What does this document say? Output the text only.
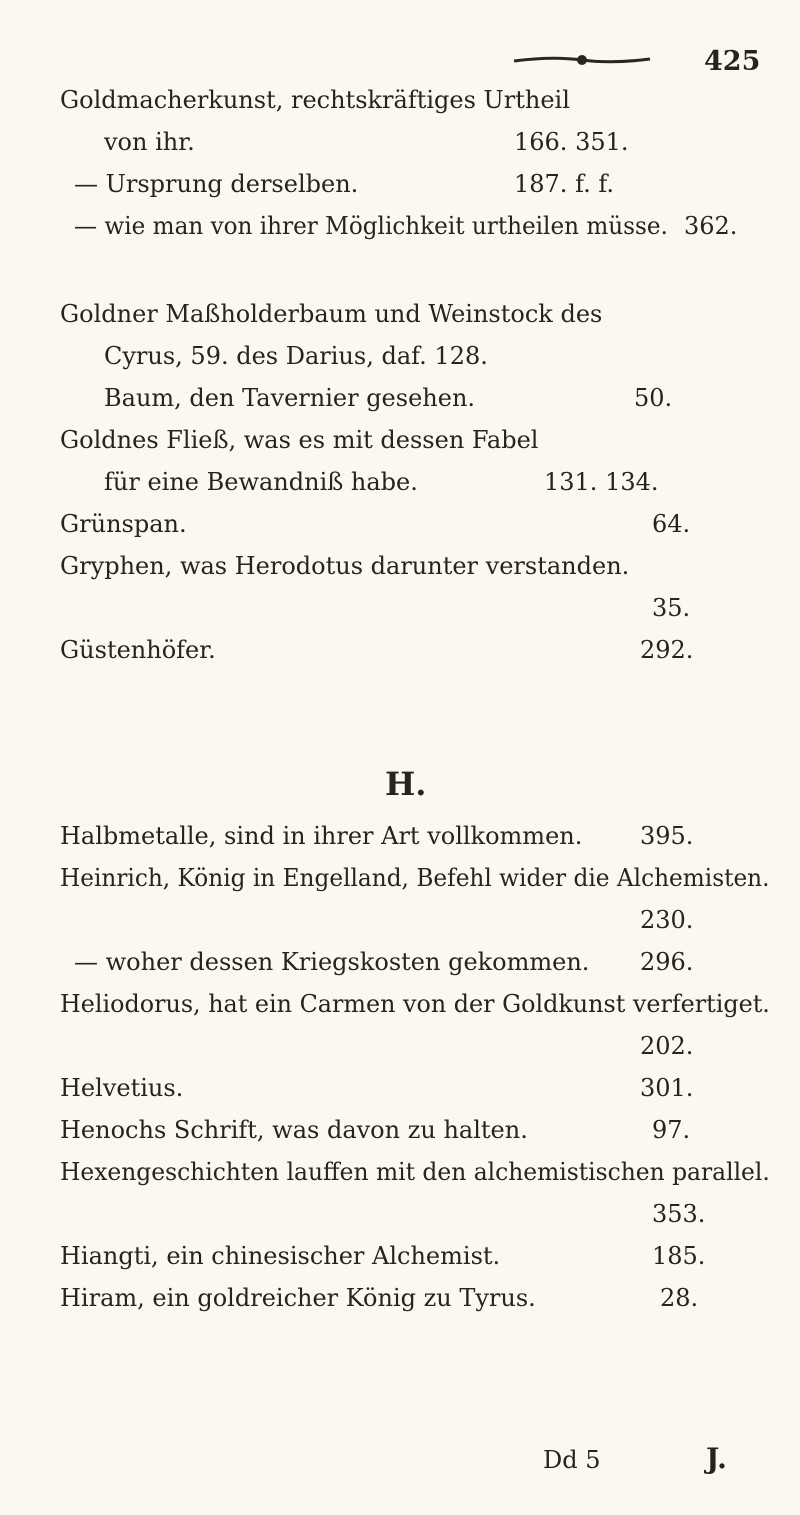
425
Goldmacherkunst, rechtskräftiges Urtheil
von ihr.	166. 351.
— Ursprung derselben.	187. f. f.
— wie man von ihrer Möglichkeit urtheilen müsse. 362.
Goldner Maßholderbaum und Weinstock des
Cyrus, 59. des Darius, daf. 128.
Baum, den Tavernier gesehen.	50.
Goldnes Fließ, was es mit dessen Fabel
für eine Bewandniß habe.	131. 134.
Grünspan.	64.
Gryphen, was Herodotus darunter verstanden.
35.
Güstenhöfer.	292.
H.
Halbmetalle, sind in ihrer Art vollkommen. 395.
Heinrich, König in Engelland, Befehl wider die Alchemisten.
230.
— woher dessen Kriegskosten gekommen. 296.
Heliodorus, hat ein Carmen von der Goldkunst verfertiget.
202.
Helvetius.	301.
Henochs Schrift, was davon zu halten.	97.
Hexengeschichten lauffen mit den alchemistischen parallel.
353.
Hiangti, ein chinesischer Alchemist.	185.
Hiram, ein goldreicher König zu Tyrus.	28.
Dd 5	J.
